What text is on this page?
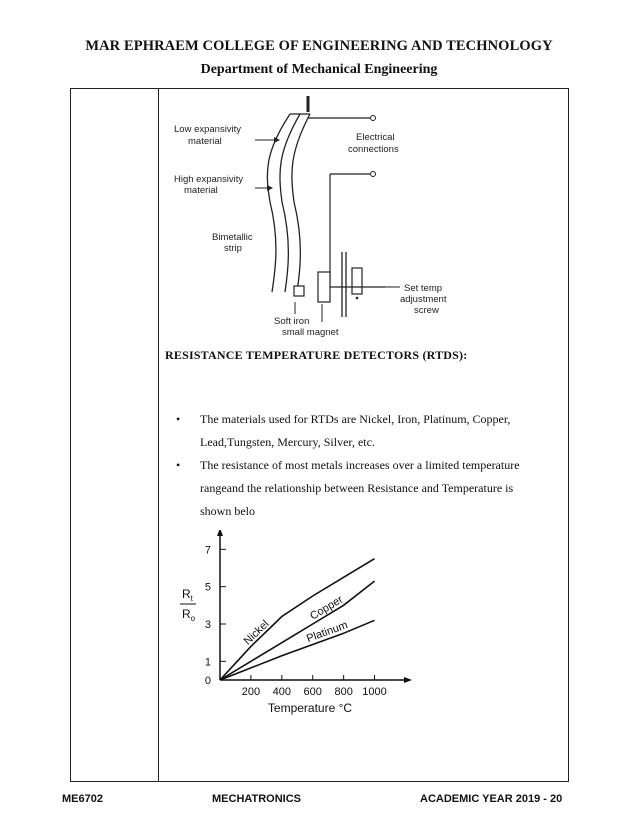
MAR EPHRAEM COLLEGE OF ENGINEERING AND TECHNOLOGY
Department of Mechanical Engineering
Low expansivity
material
High expansivity
material
Bimetallic
strip
Electrical
connections
Set temp
adjustment
screw
Soft iron
small magnet
RESISTANCE TEMPERATURE DETECTORS (RTDS):
• The materials used for RTDs are Nickel, Iron, Platinum, Copper, Lead,Tungsten, Mercury, Silver, etc.
• The resistance of most metals increases over a limited temperature rangeand the relationship between Resistance and Temperature is shown belo
0
1
3
5
7
200 400 600 800 1000
Nickel
Copper
Platinum
$R_t$
$R_o$
Temperature °C
ME6702	MECHATRONICS	ACADEMIC YEAR 2019 - 20
